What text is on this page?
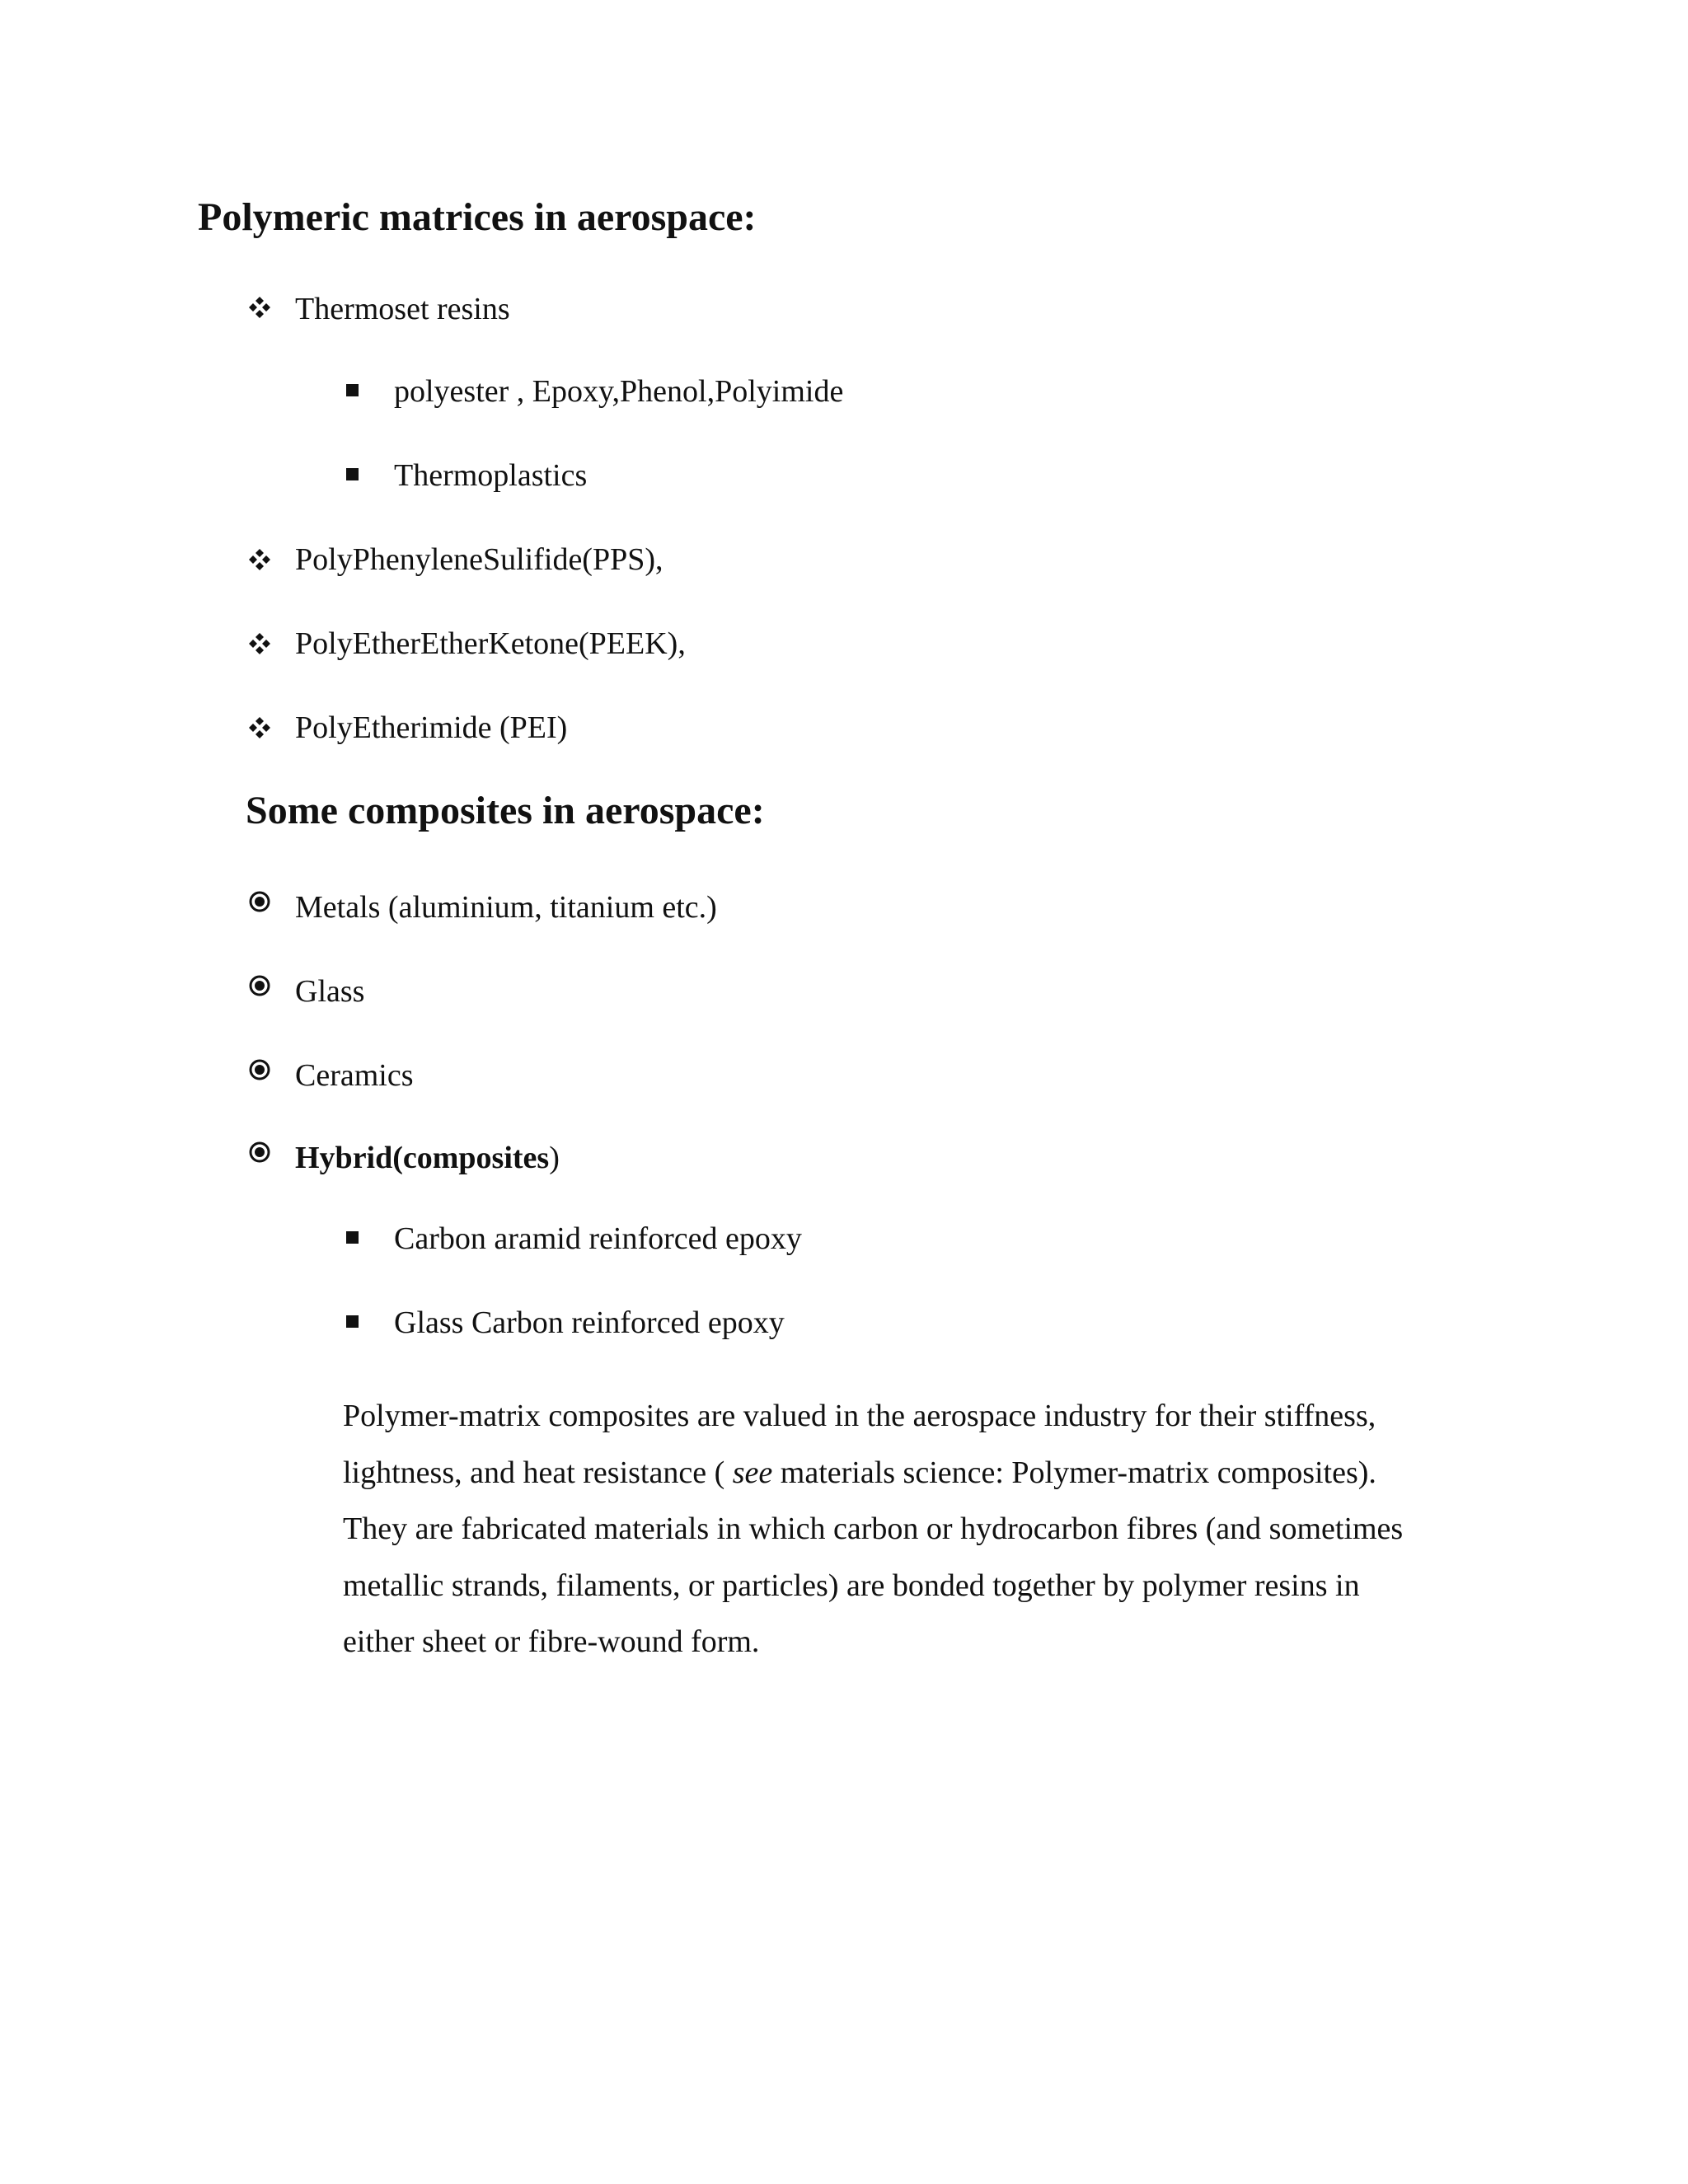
Polymeric matrices in aerospace:
Thermoset resins
polyester , Epoxy,Phenol,Polyimide
Thermoplastics
PolyPhenyleneSulifide(PPS),
PolyEtherEtherKetone(PEEK),
PolyEtherimide (PEI)
Some composites in aerospace:
Metals (aluminium, titanium etc.)
Glass
Ceramics
Hybrid(composites)
Carbon aramid reinforced epoxy
Glass Carbon reinforced epoxy
Polymer-matrix composites are valued in the aerospace industry for their stiffness,
lightness, and heat resistance ( see materials science: Polymer-matrix composites).
They are fabricated materials in which carbon or hydrocarbon fibres (and sometimes
metallic strands, filaments, or particles) are bonded together by polymer resins in
either sheet or fibre-wound form.
